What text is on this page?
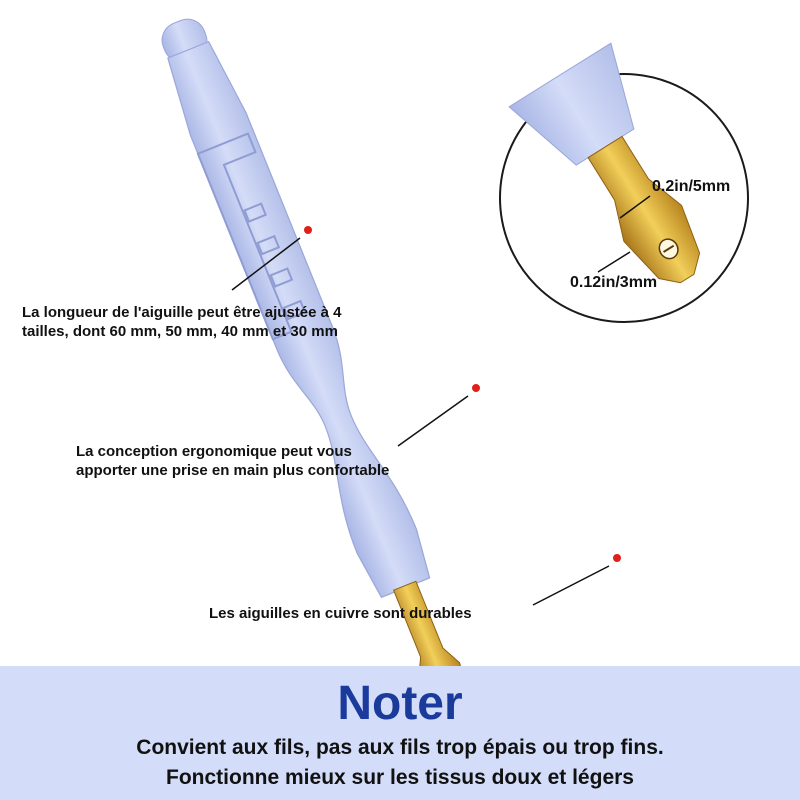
La longueur de l'aiguille peut être ajustée à 4 tailles, dont 60 mm, 50 mm, 40 mm et 30 mm

La conception ergonomique peut vous apporter une prise en main plus confortable

Les aiguilles en cuivre sont durables

0.2in/5mm

0.12in/3mm

Noter

Convient aux fils, pas aux fils trop épais ou trop fins.

Fonctionne mieux sur les tissus doux et légers
